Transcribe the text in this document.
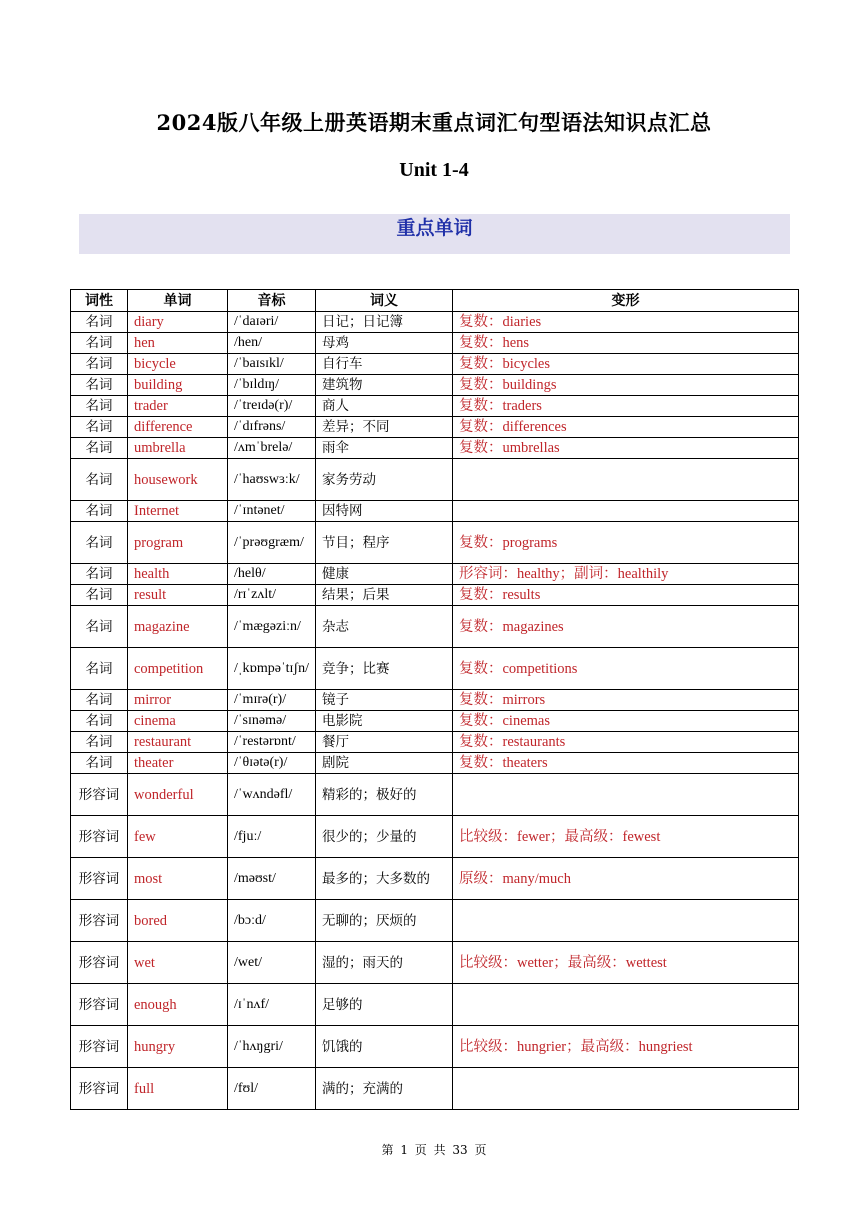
2024版八年级上册英语期末重点词汇句型语法知识点汇总
Unit 1-4
重点单词
词性	单词	音标	词义	变形
名词	diary	/ˈdaɪəri/	日记；日记簿	复数：diaries
名词	hen	/hen/	母鸡	复数：hens
名词	bicycle	/ˈbaɪsɪkl/	自行车	复数：bicycles
名词	building	/ˈbɪldɪŋ/	建筑物	复数：buildings
名词	trader	/ˈtreɪdə(r)/	商人	复数：traders
名词	difference	/ˈdɪfrəns/	差异；不同	复数：differences
名词	umbrella	/ʌmˈbrelə/	雨伞	复数：umbrellas
名词	housework	/ˈhaʊswɜːk/	家务劳动	
名词	Internet	/ˈɪntənet/	因特网	
名词	program	/ˈprəʊgræm/	节目；程序	复数：programs
名词	health	/helθ/	健康	形容词：healthy；副词：healthily
名词	result	/rɪˈzʌlt/	结果；后果	复数：results
名词	magazine	/ˈmægəziːn/	杂志	复数：magazines
名词	competition	/ˌkɒmpəˈtɪʃn/	竞争；比赛	复数：competitions
名词	mirror	/ˈmɪrə(r)/	镜子	复数：mirrors
名词	cinema	/ˈsɪnəmə/	电影院	复数：cinemas
名词	restaurant	/ˈrestərɒnt/	餐厅	复数：restaurants
名词	theater	/ˈθɪətə(r)/	剧院	复数：theaters
形容词	wonderful	/ˈwʌndəfl/	精彩的；极好的	
形容词	few	/fjuː/	很少的；少量的	比较级：fewer；最高级：fewest
形容词	most	/məʊst/	最多的；大多数的	原级：many/much
形容词	bored	/bɔːd/	无聊的；厌烦的	
形容词	wet	/wet/	湿的；雨天的	比较级：wetter；最高级：wettest
形容词	enough	/ɪˈnʌf/	足够的	
形容词	hungry	/ˈhʌŋgri/	饥饿的	比较级：hungrier；最高级：hungriest
形容词	full	/fʊl/	满的；充满的	
第 1 页 共 33 页
